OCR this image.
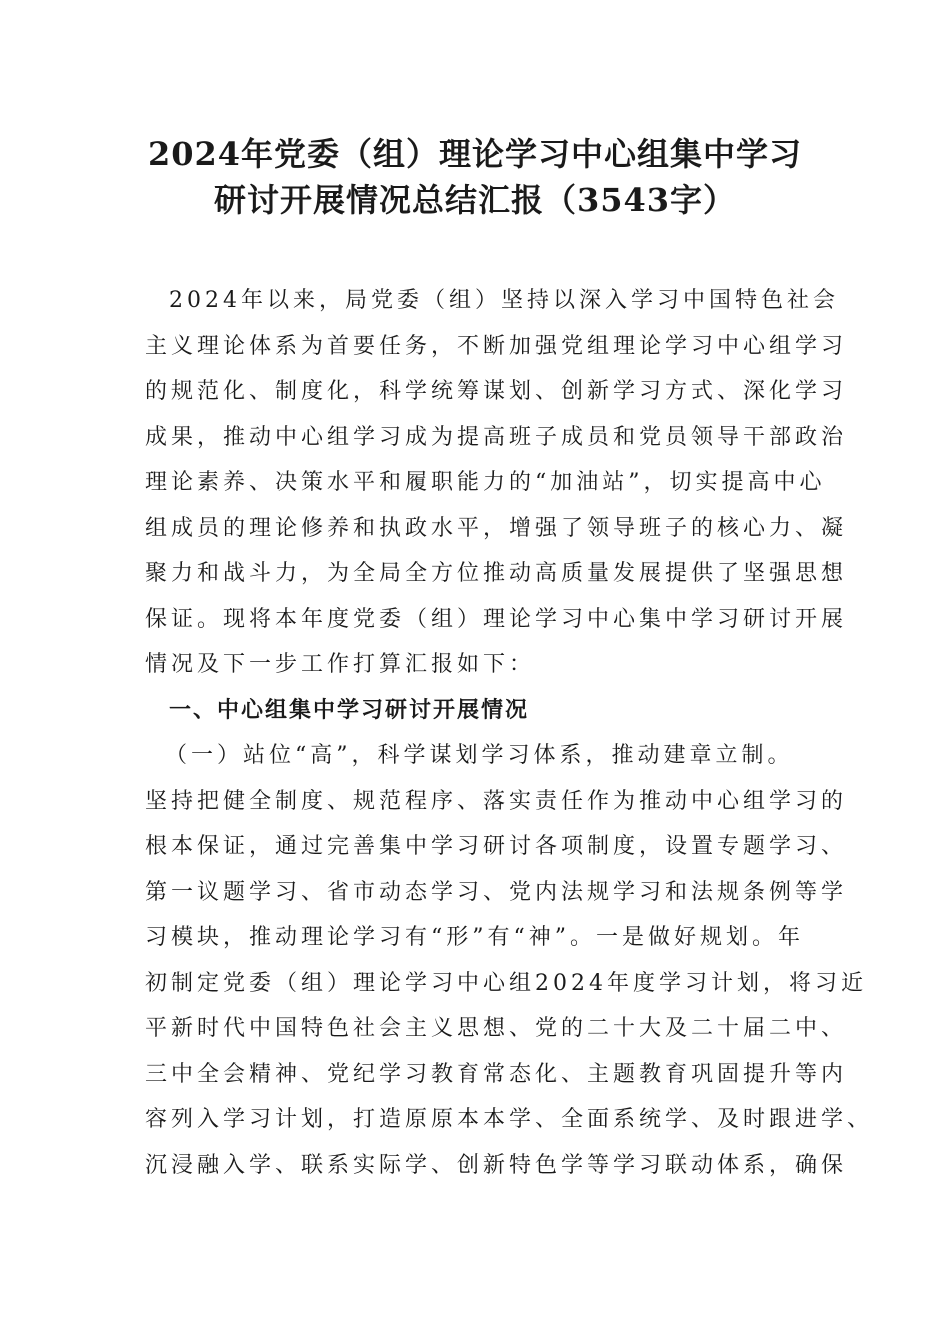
2024年党委（组）理论学习中心组集中学习
研讨开展情况总结汇报（3543字）
2024年以来，局党委（组）坚持以深入学习中国特色社会
主义理论体系为首要任务，不断加强党组理论学习中心组学习
的规范化、制度化，科学统筹谋划、创新学习方式、深化学习
成果，推动中心组学习成为提高班子成员和党员领导干部政治
理论素养、决策水平和履职能力的“加油站”，切实提高中心
组成员的理论修养和执政水平，增强了领导班子的核心力、凝
聚力和战斗力，为全局全方位推动高质量发展提供了坚强思想
保证。现将本年度党委（组）理论学习中心集中学习研讨开展
情况及下一步工作打算汇报如下：
一、中心组集中学习研讨开展情况
（一）站位“高”，科学谋划学习体系，推动建章立制。
坚持把健全制度、规范程序、落实责任作为推动中心组学习的
根本保证，通过完善集中学习研讨各项制度，设置专题学习、
第一议题学习、省市动态学习、党内法规学习和法规条例等学
习模块，推动理论学习有“形”有“神”。一是做好规划。年
初制定党委（组）理论学习中心组2024年度学习计划，将习近
平新时代中国特色社会主义思想、党的二十大及二十届二中、
三中全会精神、党纪学习教育常态化、主题教育巩固提升等内
容列入学习计划，打造原原本本学、全面系统学、及时跟进学、
沉浸融入学、联系实际学、创新特色学等学习联动体系，确保
